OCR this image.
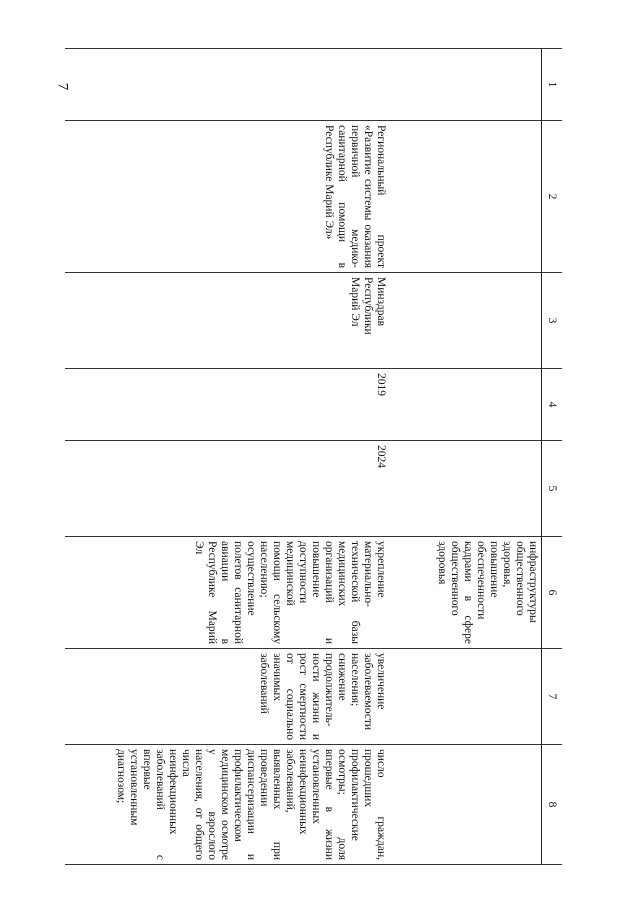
7	1	2	3	4	5	6	7	8
					инфраструктуры общественного здоровья, повышение обеспеченности кадрами в сфере общественного здоровья		
	Региональный проект «Развитие системы оказания первичной медико-санитарной помощи в Республике Марий Эл»	Минздрав Республики Марий Эл	2019	2024	укрепление материально-технической базы медицинских организаций и повышение доступности медицинской помощи сельскому населению; осуществление полетов санитарной авиации в Республике Марий Эл	увеличение заболеваемости населения; снижение продолжитель-ности жизни и рост смертности от социально значимых заболеваний	число граждан, прошедших профилактические осмотры; доля впервые в жизни установленных неинфекционных заболеваний, выявленных при проведении диспансеризации и профилактическом медицинском осмотре у взрослого населения, от общего числа неинфекционных заболеваний с впервые установленным диагнозом;
